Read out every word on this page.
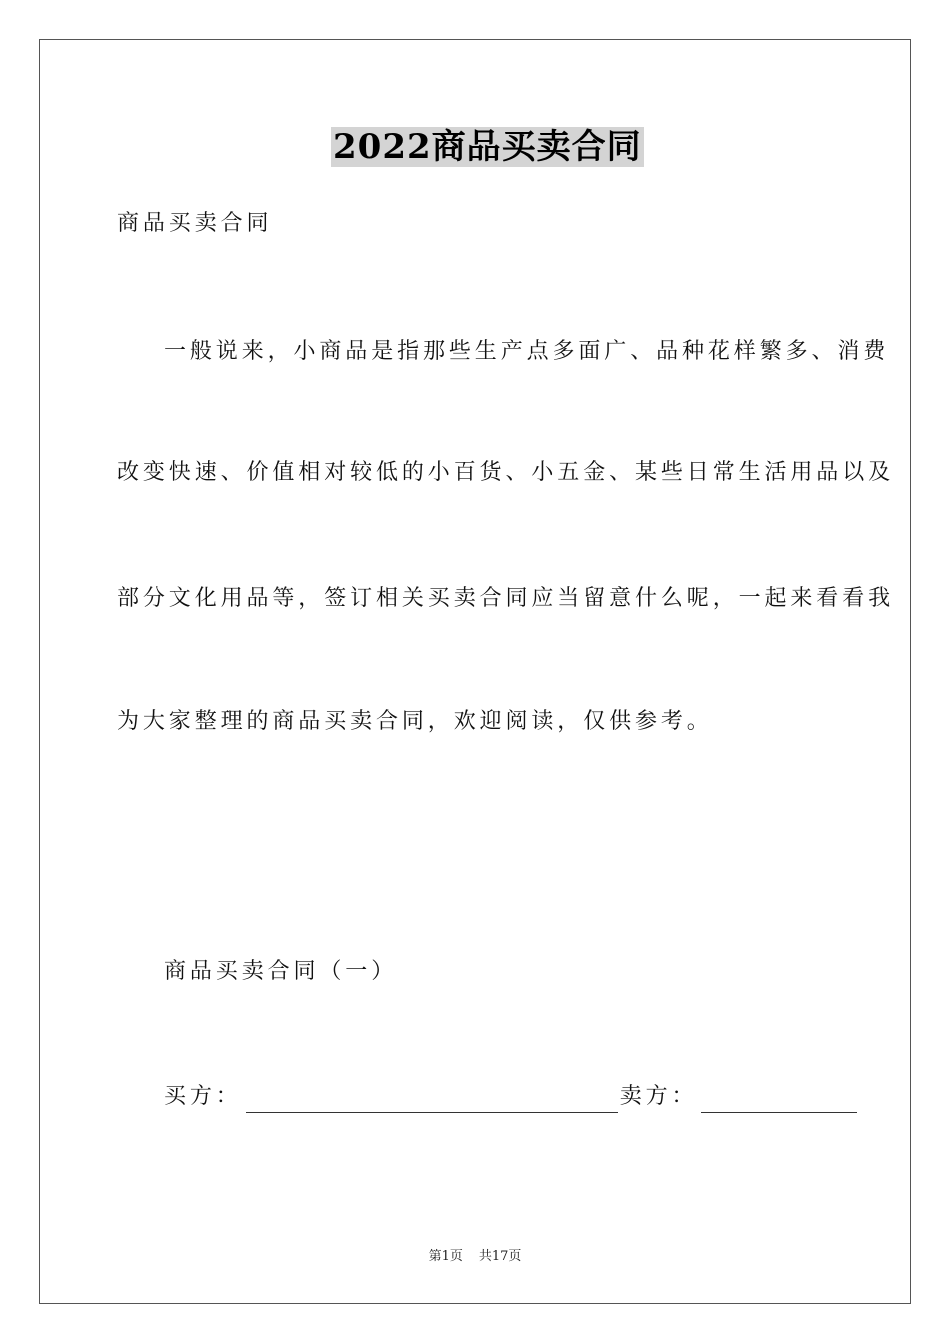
2022商品买卖合同
商品买卖合同
一般说来，小商品是指那些生产点多面广、品种花样繁多、消费
改变快速、价值相对较低的小百货、小五金、某些日常生活用品以及
部分文化用品等，签订相关买卖合同应当留意什么呢，一起来看看我
为大家整理的商品买卖合同，欢迎阅读，仅供参考。
商品买卖合同（一）
买方：	卖方：
第1页 共17页
